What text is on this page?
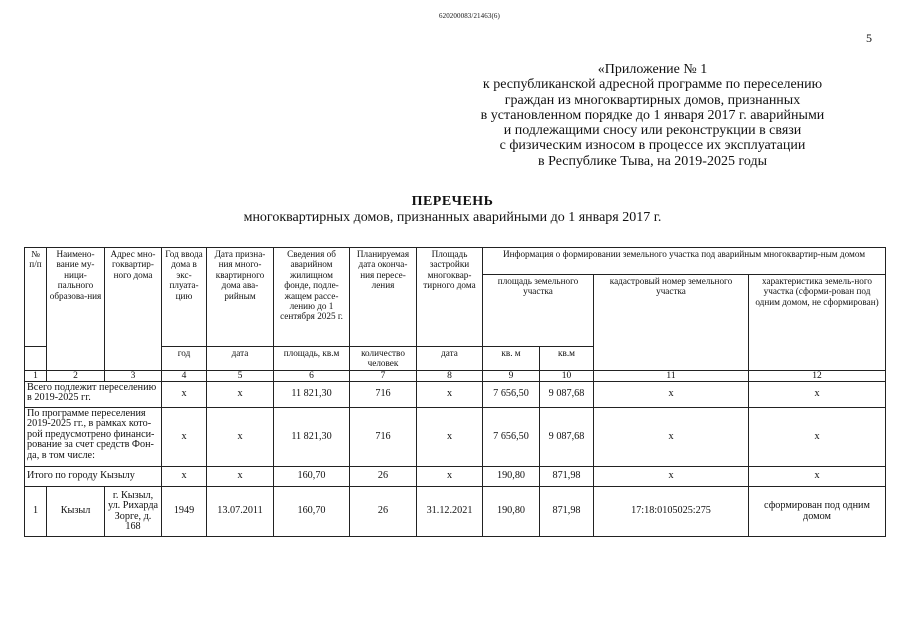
620200083/21463(6)
5
«Приложение № 1
к республиканской адресной программе по переселению
граждан из многоквартирных домов, признанных
в установленном порядке до 1 января 2017 г. аварийными
и подлежащими сносу или реконструкции в связи
с физическим износом в процессе их эксплуатации
в Республике Тыва, на 2019-2025 годы
ПЕРЕЧЕНЬ
многоквартирных домов, признанных аварийными до 1 января 2017 г.
№ п/п	Наимено-вание му-ници-пального образова-ния	Адрес мно-гоквартир-ного дома	Год ввода дома в экс-плуата-цию	Дата призна-ния много-квартирного дома ава-рийным	Сведения об аварийном жилищном фонде, подле-жащем рассе-лению до 1 сентября 2025 г.	Планируемая дата оконча-ния пересе-ления	Площадь застройки многоквар-тирного дома	Информация о формировании земельного участка под аварийным многоквартир-ным домом			
								площадь земельного участка		кадастровый номер земельного участка	характеристика земель-ного участка (сформи-рован под одним домом, не сформирован)
			год	дата	площадь, кв.м	количество человек	дата	кв. м	кв.м		
1	2	3	4	5	6	7	8	9	10	11	12
Всего подлежит переселению в 2019-2025 гг.			х	х	11 821,30	716	х	7 656,50	9 087,68	х	х
По программе переселения 2019-2025 гг., в рамках кото-рой предусмотрено финанси-рование за счет средств Фон-да, в том числе:			х	х	11 821,30	716	х	7 656,50	9 087,68	х	х
Итого по городу Кызылу			х	х	160,70	26	х	190,80	871,98	х	х
1	Кызыл	г. Кызыл, ул. Рихарда Зорге, д. 168	1949	13.07.2011	160,70	26	31.12.2021	190,80	871,98	17:18:0105025:275	сформирован под одним домом
